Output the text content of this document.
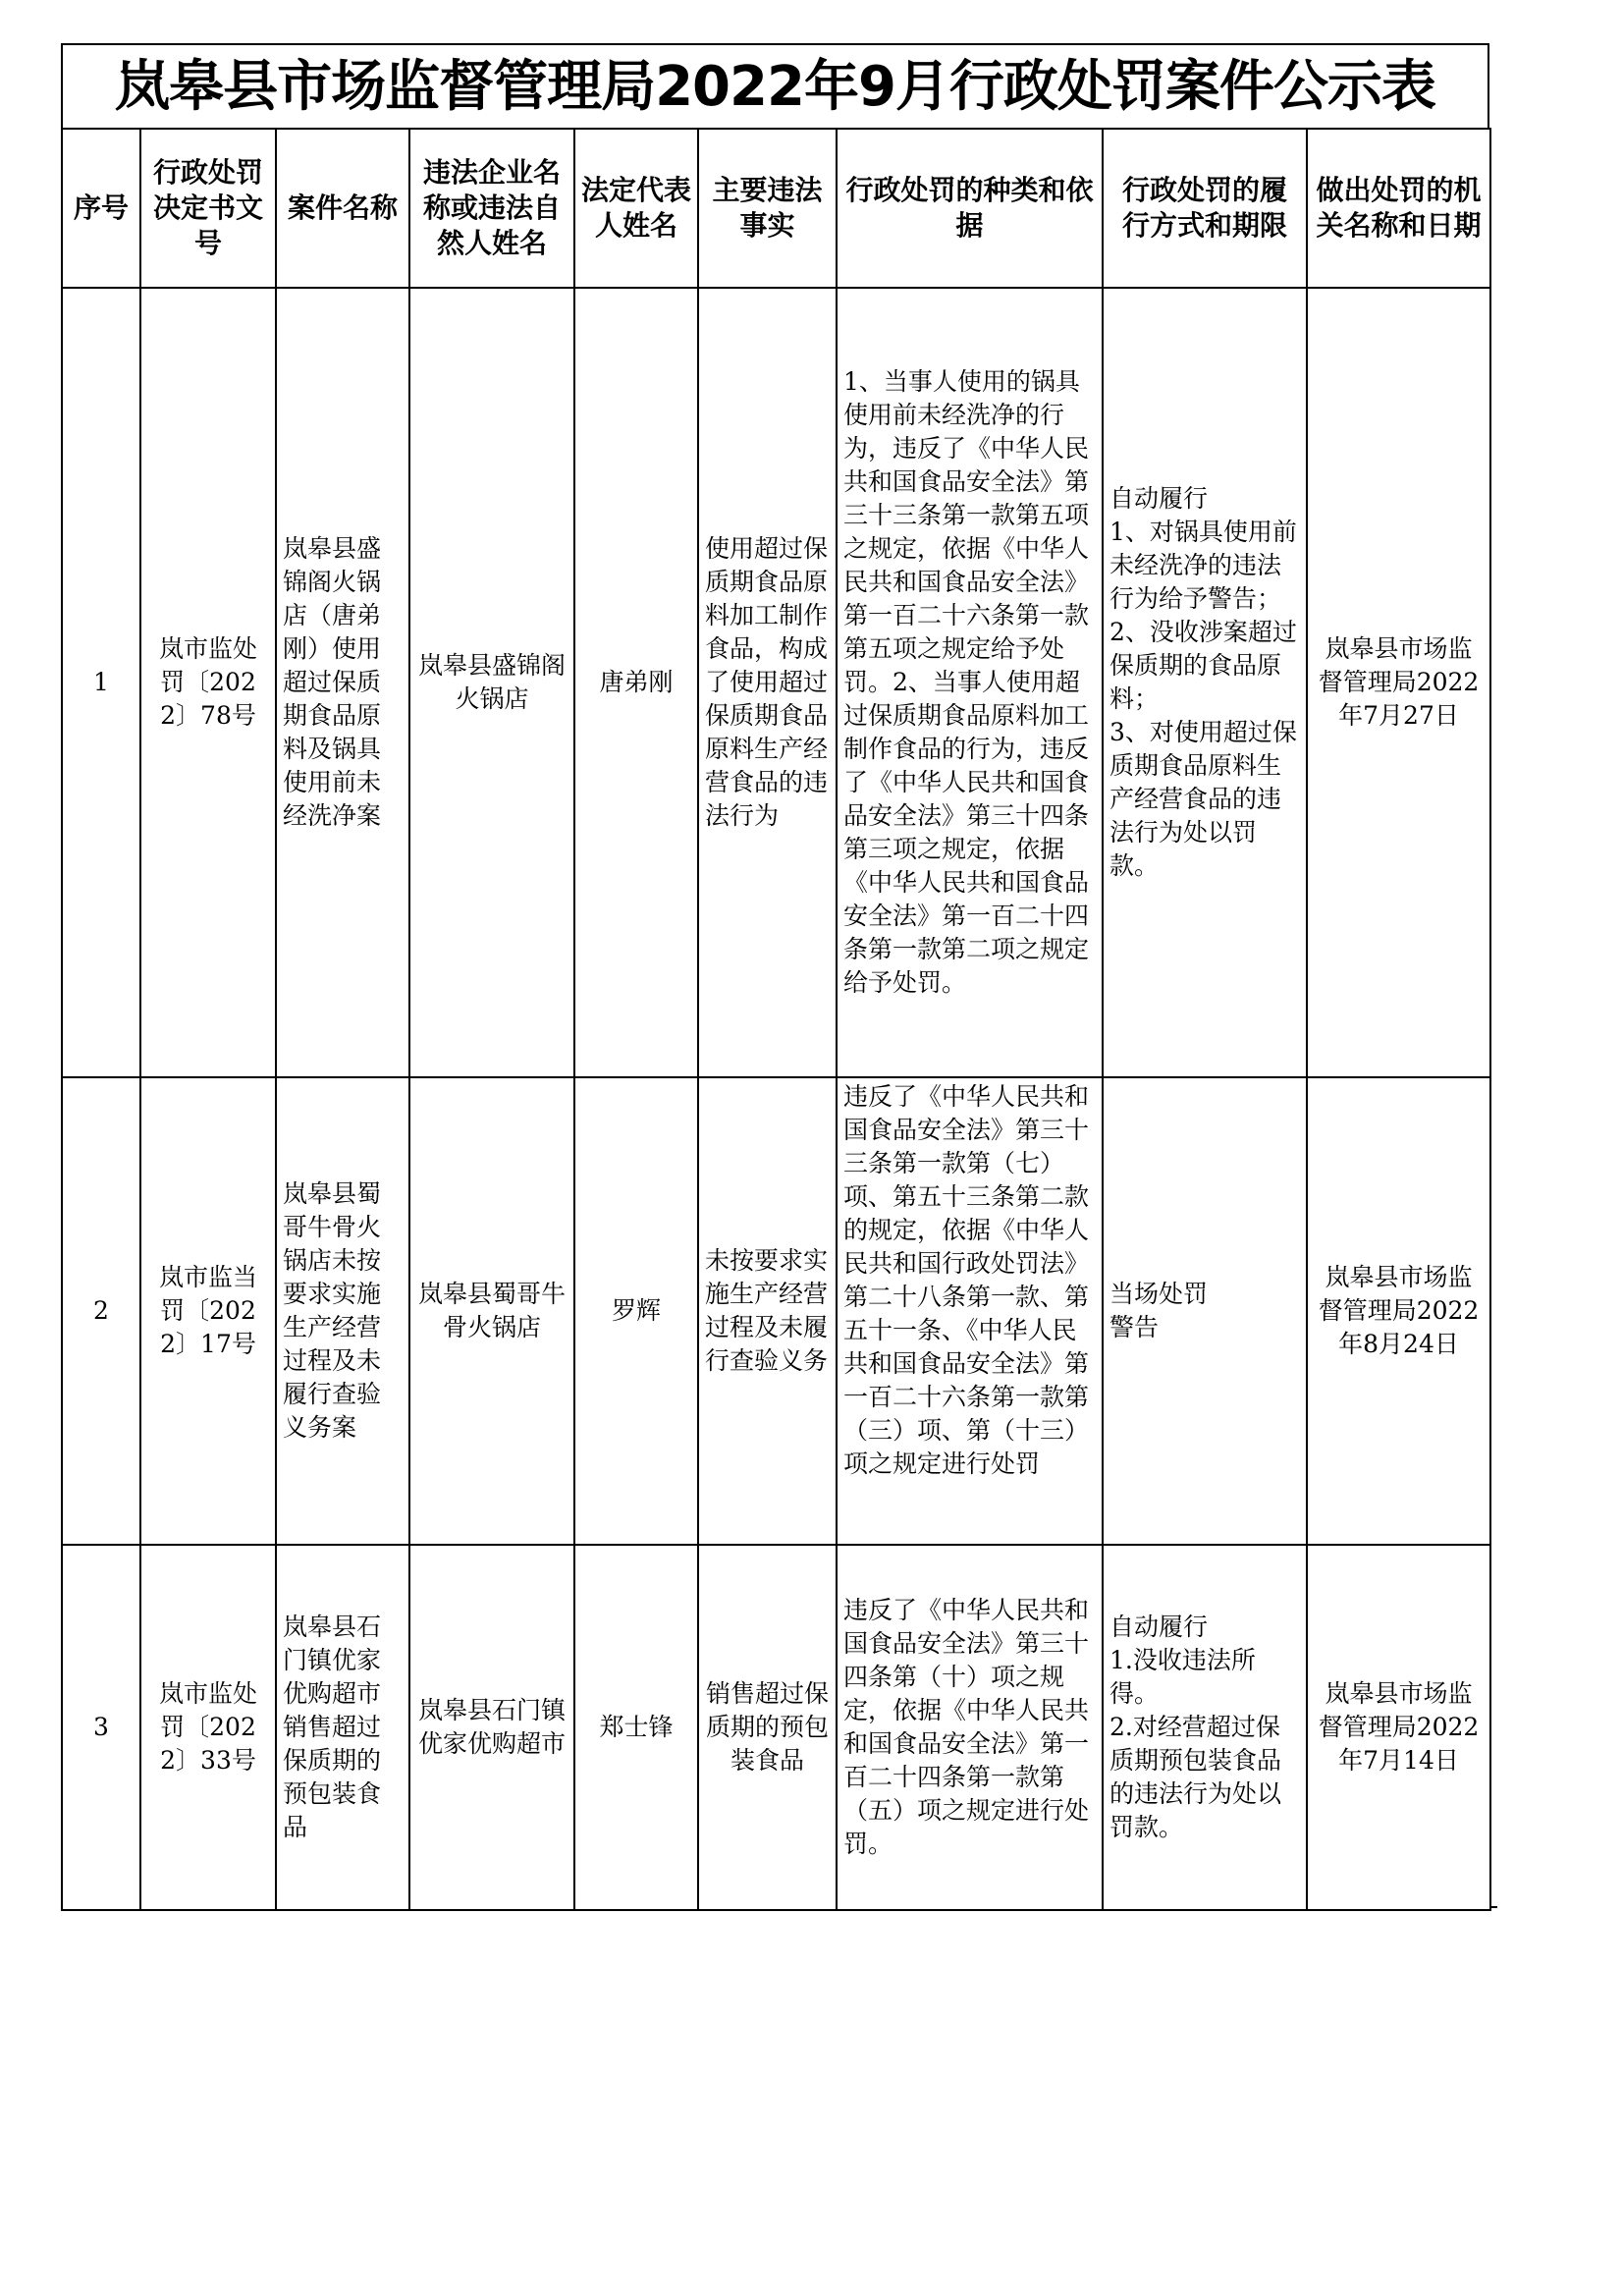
岚皋县市场监督管理局2022年9月行政处罚案件公示表
序号	行政处罚决定书文号	案件名称	违法企业名称或违法自然人姓名	法定代表人姓名	主要违法事实	行政处罚的种类和依据	行政处罚的履行方式和期限	做出处罚的机关名称和日期
1	岚市监处罚〔2022〕78号	岚皋县盛锦阁火锅店（唐弟刚）使用超过保质期食品原料及锅具使用前未经洗净案	岚皋县盛锦阁火锅店	唐弟刚	使用超过保质期食品原料加工制作食品，构成了使用超过保质期食品原料生产经营食品的违法行为	1、当事人使用的锅具使用前未经洗净的行为，违反了《中华人民共和国食品安全法》第三十三条第一款第五项之规定，依据《中华人民共和国食品安全法》第一百二十六条第一款第五项之规定给予处罚。2、当事人使用超过保质期食品原料加工制作食品的行为，违反了《中华人民共和国食品安全法》第三十四条第三项之规定，依据《中华人民共和国食品安全法》第一百二十四条第一款第二项之规定给予处罚。	自动履行
1、对锅具使用前未经洗净的违法行为给予警告；
2、没收涉案超过保质期的食品原料；
3、对使用超过保质期食品原料生产经营食品的违法行为处以罚款。	岚皋县市场监督管理局2022年7月27日
2	岚市监当罚〔2022〕17号	岚皋县蜀哥牛骨火锅店未按要求实施生产经营过程及未履行查验义务案	岚皋县蜀哥牛骨火锅店	罗辉	未按要求实施生产经营过程及未履行查验义务	违反了《中华人民共和国食品安全法》第三十三条第一款第（七）项、第五十三条第二款的规定，依据《中华人民共和国行政处罚法》第二十八条第一款、第五十一条、《中华人民共和国食品安全法》第一百二十六条第一款第（三）项、第（十三）项之规定进行处罚	当场处罚
警告	岚皋县市场监督管理局2022年8月24日
3	岚市监处罚〔2022〕33号	岚皋县石门镇优家优购超市销售超过保质期的预包装食品	岚皋县石门镇优家优购超市	郑士锋	销售超过保质期的预包装食品	违反了《中华人民共和国食品安全法》第三十四条第（十）项之规定，依据《中华人民共和国食品安全法》第一百二十四条第一款第（五）项之规定进行处罚。	自动履行
1.没收违法所得。
2.对经营超过保质期预包装食品的违法行为处以罚款。	岚皋县市场监督管理局2022年7月14日
